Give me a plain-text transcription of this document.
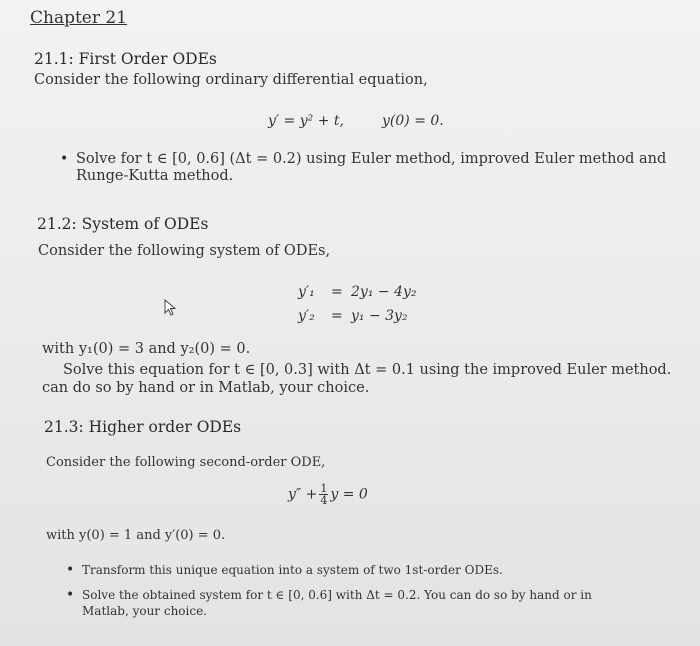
Chapter 21
21.1: First Order ODEs
Consider the following ordinary differential equation,
y′ = y² + t,	y(0) = 0.
• Solve for t ∈ [0, 0.6] (Δt = 0.2) using Euler method, improved Euler method and
Runge-Kutta method.
21.2: System of ODEs
Consider the following system of ODEs,
y′₁ = 2y₁ − 4y₂
y′₂ = y₁ − 3y₂
with y₁(0) = 3 and y₂(0) = 0.
Solve this equation for t ∈ [0, 0.3] with Δt = 0.1 using the improved Euler method.
can do so by hand or in Matlab, your choice.
21.3: Higher order ODEs
Consider the following second-order ODE,
$y'' + \frac{1}{4}$ y = 0
with y(0) = 1 and y′(0) = 0.
• Transform this unique equation into a system of two 1st-order ODEs.
• Solve the obtained system for t ∈ [0, 0.6] with Δt = 0.2. You can do so by hand or in
Matlab, your choice.
